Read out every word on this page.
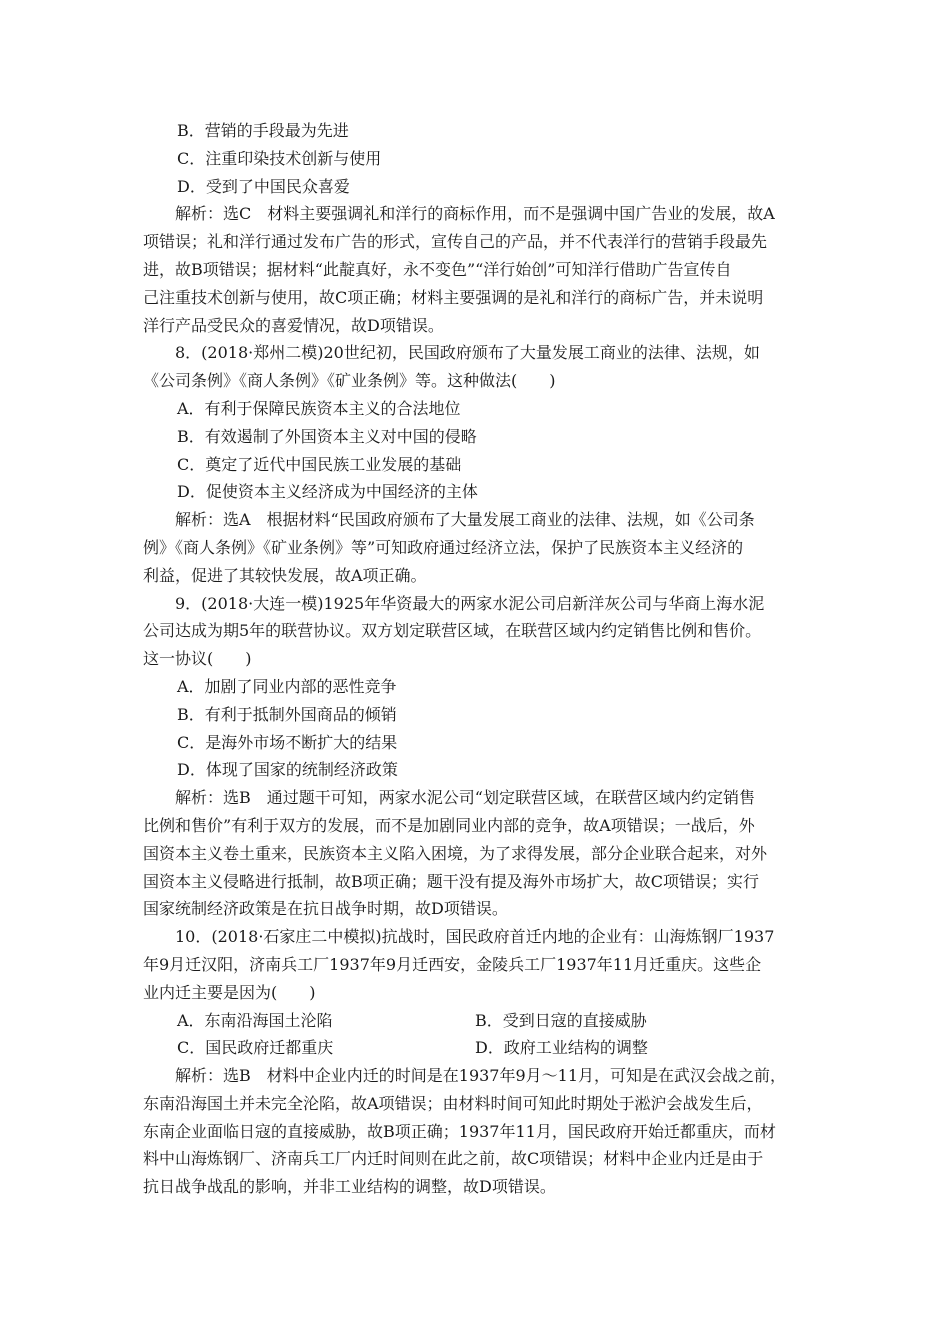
B．营销的手段最为先进
C．注重印染技术创新与使用
D．受到了中国民众喜爱
解析：选C　材料主要强调礼和洋行的商标作用，而不是强调中国广告业的发展，故A
项错误；礼和洋行通过发布广告的形式，宣传自己的产品，并不代表洋行的营销手段最先
进，故B项错误；据材料“此靛真好，永不变色”“洋行始创”可知洋行借助广告宣传自
己注重技术创新与使用，故C项正确；材料主要强调的是礼和洋行的商标广告，并未说明
洋行产品受民众的喜爱情况，故D项错误。
8．(2018·郑州二模)20世纪初，民国政府颁布了大量发展工商业的法律、法规，如
《公司条例》《商人条例》《矿业条例》等。这种做法(　　)
A．有利于保障民族资本主义的合法地位
B．有效遏制了外国资本主义对中国的侵略
C．奠定了近代中国民族工业发展的基础
D．促使资本主义经济成为中国经济的主体
解析：选A　根据材料“民国政府颁布了大量发展工商业的法律、法规，如《公司条
例》《商人条例》《矿业条例》等”可知政府通过经济立法，保护了民族资本主义经济的
利益，促进了其较快发展，故A项正确。
9．(2018·大连一模)1925年华资最大的两家水泥公司启新洋灰公司与华商上海水泥
公司达成为期5年的联营协议。双方划定联营区域，在联营区域内约定销售比例和售价。
这一协议(　　)
A．加剧了同业内部的恶性竞争
B．有利于抵制外国商品的倾销
C．是海外市场不断扩大的结果
D．体现了国家的统制经济政策
解析：选B　通过题干可知，两家水泥公司“划定联营区域，在联营区域内约定销售
比例和售价”有利于双方的发展，而不是加剧同业内部的竞争，故A项错误；一战后，外
国资本主义卷土重来，民族资本主义陷入困境，为了求得发展，部分企业联合起来，对外
国资本主义侵略进行抵制，故B项正确；题干没有提及海外市场扩大，故C项错误；实行
国家统制经济政策是在抗日战争时期，故D项错误。
10．(2018·石家庄二中模拟)抗战时，国民政府首迁内地的企业有：山海炼钢厂1937
年9月迁汉阳，济南兵工厂1937年9月迁西安，金陵兵工厂1937年11月迁重庆。这些企
业内迁主要是因为(　　)
A．东南沿海国土沦陷	B．受到日寇的直接威胁
C．国民政府迁都重庆	D．政府工业结构的调整
解析：选B　材料中企业内迁的时间是在1937年9月～11月，可知是在武汉会战之前，
东南沿海国土并未完全沦陷，故A项错误；由材料时间可知此时期处于淞沪会战发生后，
东南企业面临日寇的直接威胁，故B项正确；1937年11月，国民政府开始迁都重庆，而材
料中山海炼钢厂、济南兵工厂内迁时间则在此之前，故C项错误；材料中企业内迁是由于
抗日战争战乱的影响，并非工业结构的调整，故D项错误。
